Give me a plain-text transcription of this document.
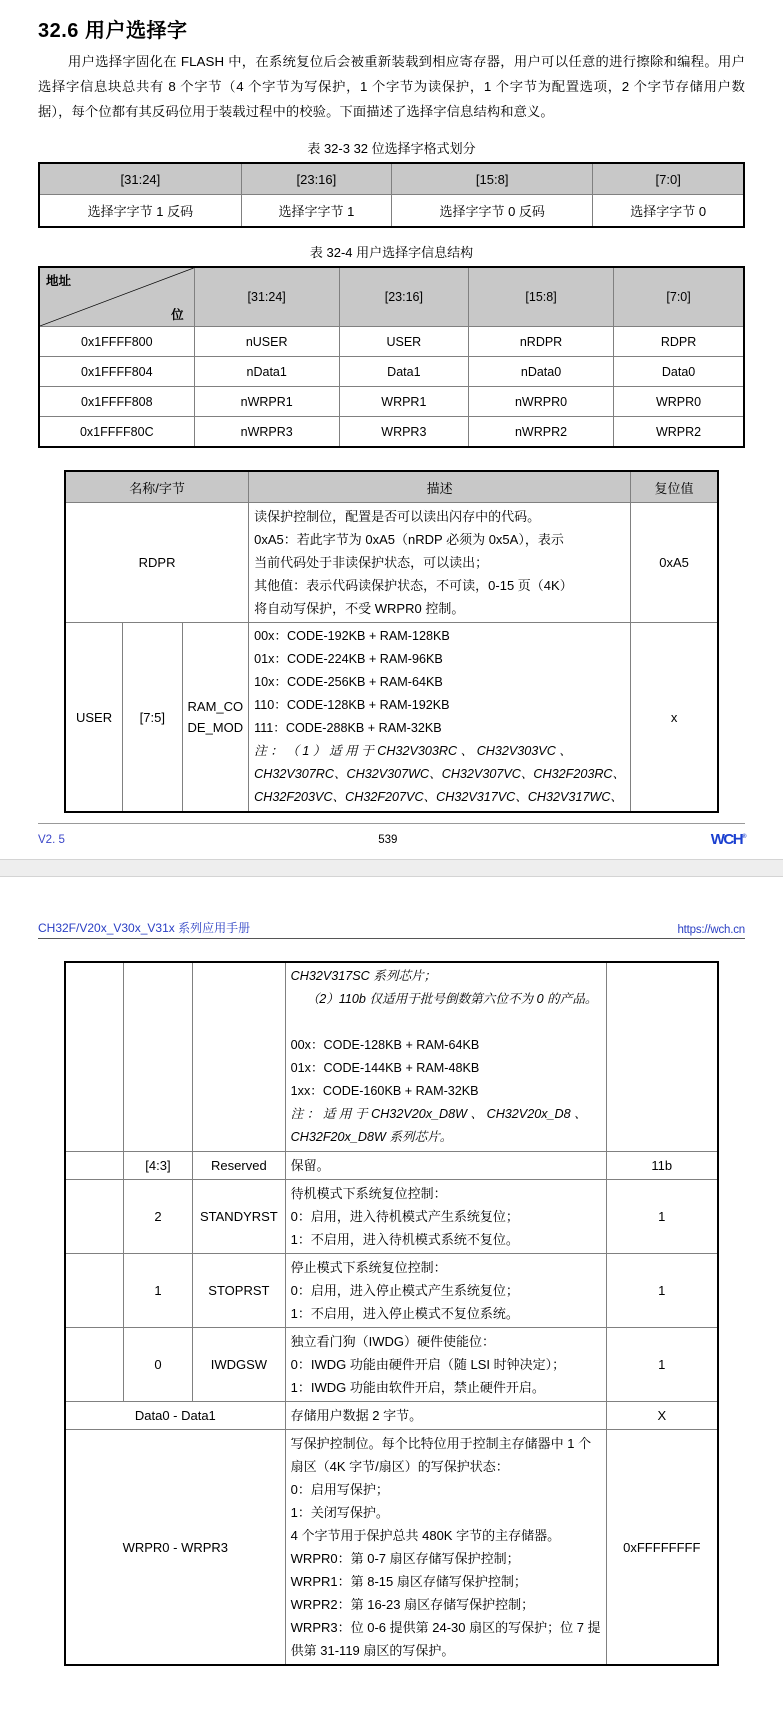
32.6 用户选择字

用户选择字固化在 FLASH 中，在系统复位后会被重新装载到相应寄存器，用户可以任意的进行擦除和编程。用户选择字信息块总共有 8 个字节（4 个字节为写保护，1 个字节为读保护，1 个字节为配置选项，2 个字节存储用户数据），每个位都有其反码位用于装载过程中的校验。下面描述了选择字信息结构和意义。

表 32-3 32 位选择字格式划分
[31:24]	[23:16]	[15:8]	[7:0]
选择字字节 1 反码	选择字字节 1	选择字字节 0 反码	选择字字节 0
表 32-4 用户选择字信息结构
地址
位	[31:24]	[23:16]	[15:8]	[7:0]
0x1FFFF800	nUSER	USER	nRDPR	RDPR
0x1FFFF804	nData1	Data1	nData0	Data0
0x1FFFF808	nWRPR1	WRPR1	nWRPR0	WRPR0
0x1FFFF80C	nWRPR3	WRPR3	nWRPR2	WRPR2
名称/字节			描述	复位值
RDPR			读保护控制位，配置是否可以读出闪存中的代码。
0xA5：若此字节为 0xA5（nRDP 必须为 0x5A），表示
当前代码处于非读保护状态，可以读出；
其他值：表示代码读保护状态，不可读，0-15 页（4K）
将自动写保护，不受 WRPR0 控制。	0xA5
USER	[7:5]	RAM_CODE_MOD	
00x：CODE-192KB + RAM-128KB
01x：CODE-224KB + RAM-96KB
10x：CODE-256KB + RAM-64KB
110：CODE-128KB + RAM-192KB
111：CODE-288KB + RAM-32KB
注 ： （ 1 ） 适 用 于 CH32V303RC 、 CH32V303VC 、
CH32V307RC、CH32V307WC、CH32V307VC、CH32F203RC、
CH32F203VC、CH32F207VC、CH32V317VC、CH32V317WC、
	x
V2. 5	539	WCH®
CH32F/V20x_V30x_V31x 系列应用手册	https://wch.cn

CH32V317SC 系列芯片；
（2）110b 仅适用于批号倒数第六位不为 0 的产品。
00x：CODE-128KB + RAM-64KB
01x：CODE-144KB + RAM-48KB
1xx：CODE-160KB + RAM-32KB
注 ： 适 用 于 CH32V20x_D8W 、 CH32V20x_D8 、
CH32F20x_D8W 系列芯片。

	[4:3]	Reserved	保留。	11b
	2	STANDYRST	待机模式下系统复位控制：
0：启用，进入待机模式产生系统复位；
1：不启用，进入待机模式系统不复位。	1
	1	STOPRST	停止模式下系统复位控制：
0：启用，进入停止模式产生系统复位；
1：不启用，进入停止模式不复位系统。	1
	0	IWDGSW	独立看门狗（IWDG）硬件使能位：
0：IWDG 功能由硬件开启（随 LSI 时钟决定）；
1：IWDG 功能由软件开启，禁止硬件开启。	1
Data0 - Data1			存储用户数据 2 字节。	X
WRPR0 - WRPR3	
写保护控制位。每个比特位用于控制主存储器中 1 个
扇区（4K 字节/扇区）的写保护状态：
0：启用写保护；
1：关闭写保护。
4 个字节用于保护总共 480K 字节的主存储器。
WRPR0：第 0-7 扇区存储写保护控制；
WRPR1：第 8-15 扇区存储写保护控制；
WRPR2：第 16-23 扇区存储写保护控制；
WRPR3：位 0-6 提供第 24-30 扇区的写保护；位 7 提
供第 31-119 扇区的写保护。
	0xFFFFFFFF
